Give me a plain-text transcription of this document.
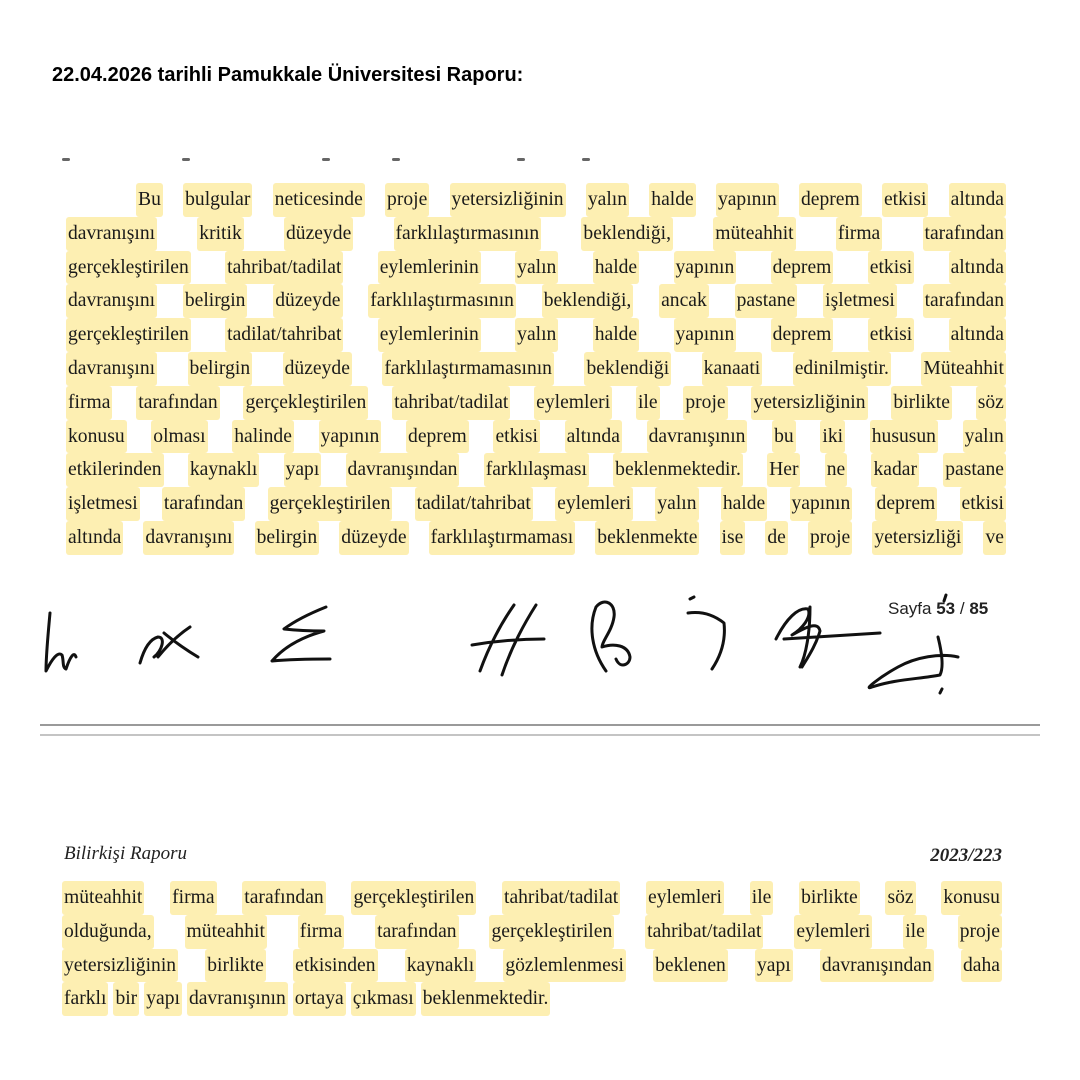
22.04.2026 tarihli Pamukkale Üniversitesi Raporu:
Bu bulgular neticesinde proje yetersizliğinin yalın halde yapının deprem etkisi altında
davranışını kritik düzeyde farklılaştırmasının beklendiği, müteahhit firma tarafından
gerçekleştirilen tahribat/tadilat eylemlerinin yalın halde yapının deprem etkisi altında
davranışını belirgin düzeyde farklılaştırmasının beklendiği, ancak pastane işletmesi tarafından
gerçekleştirilen tadilat/tahribat eylemlerinin yalın halde yapının deprem etkisi altında
davranışını belirgin düzeyde farklılaştırmamasının beklendiği kanaati edinilmiştir. Müteahhit
firma tarafından gerçekleştirilen tahribat/tadilat eylemleri ile proje yetersizliğinin birlikte söz
konusu olması halinde yapının deprem etkisi altında davranışının bu iki hususun yalın
etkilerinden kaynaklı yapı davranışından farklılaşması beklenmektedir. Her ne kadar pastane
işletmesi tarafından gerçekleştirilen tadilat/tahribat eylemleri yalın halde yapının deprem etkisi
altında davranışını belirgin düzeyde farklılaştırmaması beklenmekte ise de proje yetersizliği ve
Sayfa 53 / 85
Bilirkişi Raporu	2023/223
müteahhit firma tarafından gerçekleştirilen tahribat/tadilat eylemleri ile birlikte söz konusu
olduğunda, müteahhit firma tarafından gerçekleştirilen tahribat/tadilat eylemleri ile proje
yetersizliğinin birlikte etkisinden kaynaklı gözlemlenmesi beklenen yapı davranışından daha
farklı bir yapı davranışının ortaya çıkması beklenmektedir.
